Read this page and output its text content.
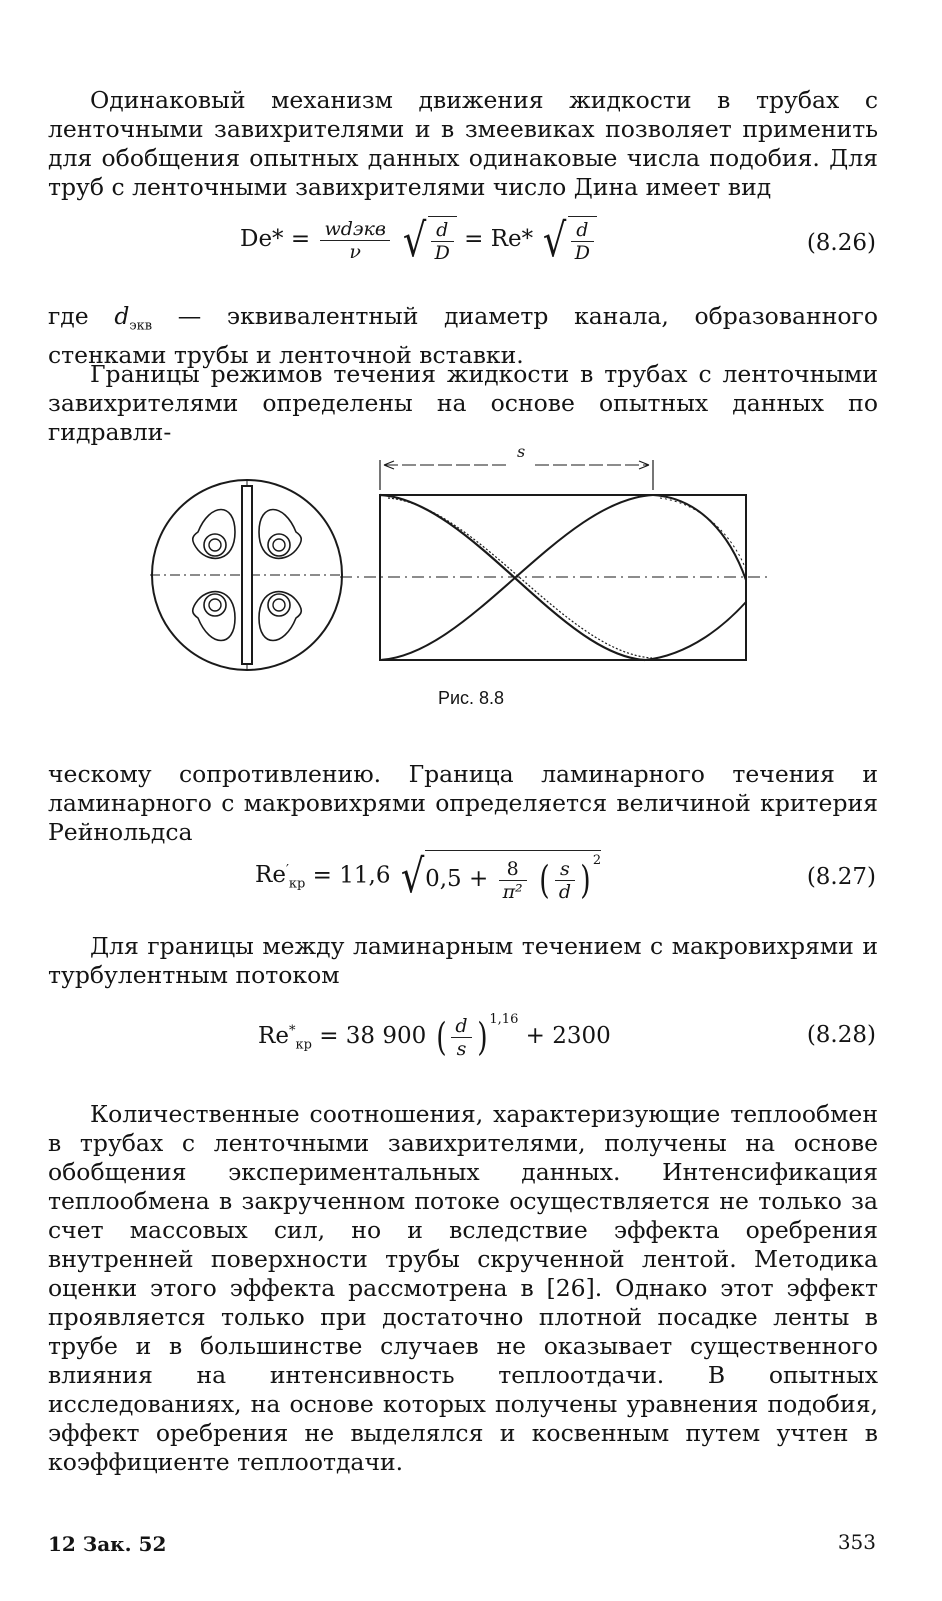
Одинаковый механизм движения жидкости в трубах с ленточными завихрителями и в змеевиках позволяет применить для обобщения опытных данных одинаковые числа подобия. Для труб с ленточными завихрителями число Дина имеет вид

$De* = \frac{\text{wdэкв}}{\nu}$ √ $\frac{d}{D} = Re*$ √ $\frac{d}{D}$	(8.26)

где $d_{экв}$ — эквивалентный диаметр канала, образованного стенками трубы и ленточной вставки.

Границы режимов течения жидкости в трубах с ленточными завихрителями определены на основе опытных данных по гидравли-

s
Рис. 8.8

ческому сопротивлению. Граница ламинарного течения и ламинарного с макровихрями определяется величиной критерия Рейнольдса

$Re'_{кр} = 11,6$ $√0,5 + \frac{8}{\text{π²}}$ ( $\frac{s}{d}$ ) $^2$
(8.27)

Для границы между ламинарным течением с макровихрями и турбулентным потоком

$Re^*_{кр} = 38$ 900 ( $\frac{d}{s}$ ) $^{1,16}$ + 2300	(8.28)

Количественные соотношения, характеризующие теплообмен в трубах с ленточными завихрителями, получены на основе обобщения экспериментальных данных. Интенсификация теплообмена в закрученном потоке осуществляется не только за счет массовых сил, но и вследствие эффекта оребрения внутренней поверхности трубы скрученной лентой. Методика оценки этого эффекта рассмотрена в [26]. Однако этот эффект проявляется только при достаточно плотной посадке ленты в трубе и в большинстве случаев не оказывает существенного влияния на интенсивность теплоотдачи. В опытных исследованиях, на основе которых получены уравнения подобия, эффект оребрения не выделялся и косвенным путем учтен в коэффициенте теплоотдачи.

12 Зак. 52	353
